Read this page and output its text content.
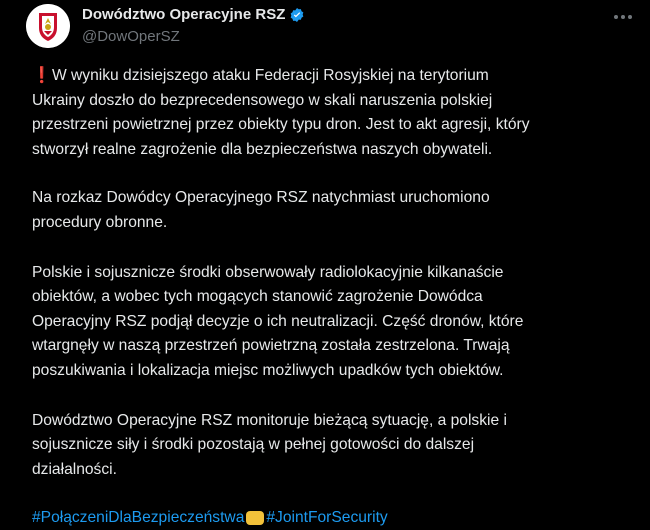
Dowództwo Operacyjne RSZ
@DowOperSZ

❗W wyniku dzisiejszego ataku Federacji Rosyjskiej na terytorium
Ukrainy doszło do bezprecedensowego w skali naruszenia polskiej
przestrzeni powietrznej przez obiekty typu dron. Jest to akt agresji, który
stworzył realne zagrożenie dla bezpieczeństwa naszych obywateli.

Na rozkaz Dowódcy Operacyjnego RSZ natychmiast uruchomiono
procedury obronne.

Polskie i sojusznicze środki obserwowały radiolokacyjnie kilkanaście
obiektów, a wobec tych mogących stanowić zagrożenie Dowódca
Operacyjny RSZ podjął decyzje o ich neutralizacji. Część dronów, które
wtargnęły w naszą przestrzeń powietrzną została zestrzelona. Trwają
poszukiwania i lokalizacja miejsc możliwych upadków tych obiektów.

Dowództwo Operacyjne RSZ monitoruje bieżącą sytuację, a polskie i
sojusznicze siły i środki pozostają w pełnej gotowości do dalszej
działalności.

#PołączeniDlaBezpieczeństwa #JointForSecurity
